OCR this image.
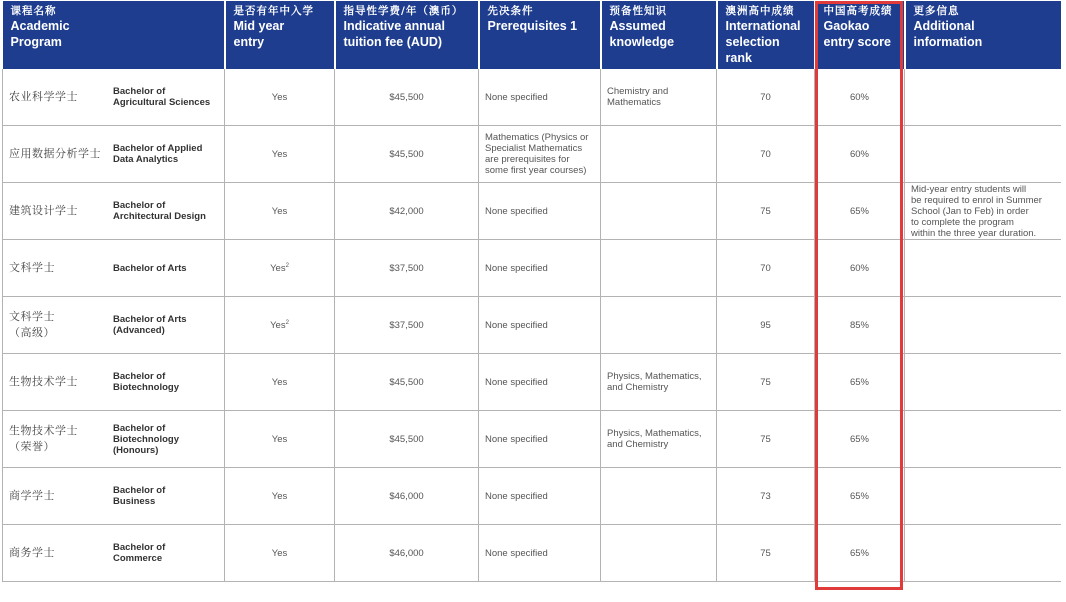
课程名称
Academic
Program	是否有年中入学
Mid year
entry	指导性学费/年（澳币）
Indicative annual
tuition fee (AUD)	先决条件
Prerequisites 1	预备性知识
Assumed
knowledge	澳洲高中成绩
International
selection rank	中国高考成绩
Gaokao
entry score	更多信息
Additional
information

农业科学学士 Bachelor of
Agricultural Sciences	Yes	$45,500	None specified	Chemistry and
Mathematics	70	60%	

应用数据分析学士 Bachelor of Applied
Data Analytics	Yes	$45,500	Mathematics (Physics or
Specialist Mathematics
are prerequisites for
some first year courses)		70	60%	

建筑设计学士 Bachelor of
Architectural Design	Yes	$42,000	None specified		75	65%	Mid-year entry students will
be required to enrol in Summer
School (Jan to Feb) in order
to complete the program
within the three year duration.

文科学士 Bachelor of Arts	Yes$^2$	$37,500	None specified		70	60%	

文科学士
（高级）
Bachelor of Arts
(Advanced)	Yes$^2$	$37,500	None specified		95	85%	

生物技术学士 Bachelor of
Biotechnology	Yes	$45,500	None specified	Physics, Mathematics,
and Chemistry	75	65%	

生物技术学士
（荣誉）
Bachelor of
Biotechnology
(Honours)	Yes	$45,500	None specified	Physics, Mathematics,
and Chemistry	75	65%	

商学学士 Bachelor of
Business	Yes	$46,000	None specified		73	65%	

商务学士 Bachelor of
Commerce	Yes	$46,000	None specified		75	65%	
